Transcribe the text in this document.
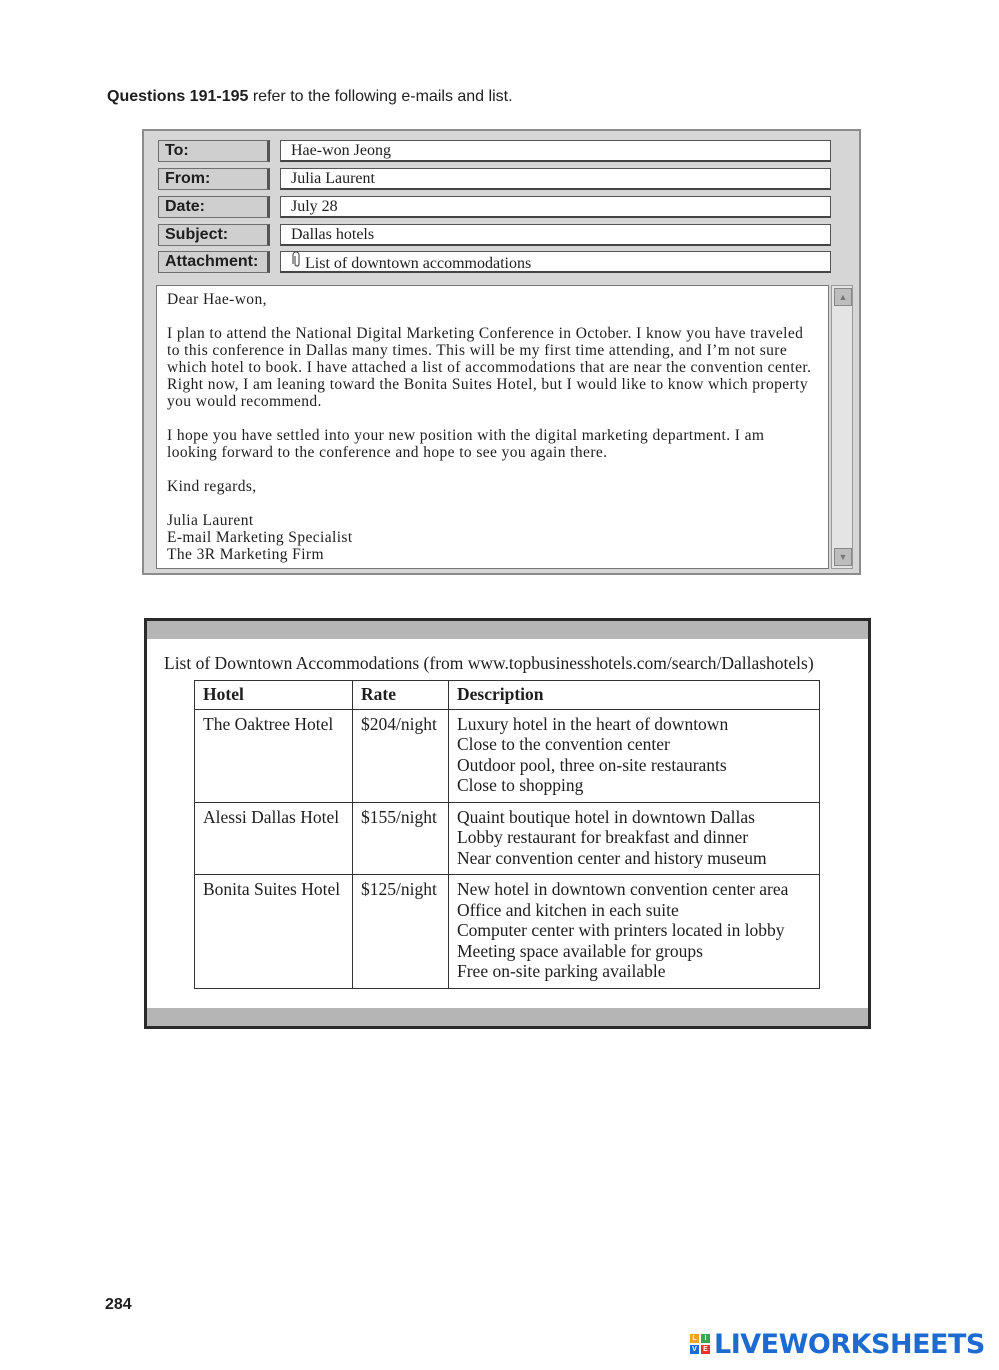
Questions 191-195 refer to the following e-mails and list.
To:	Hae-won Jeong
From:	Julia Laurent
Date:	July 28
Subject:	Dallas hotels
Attachment:	List of downtown accommodations

Dear Hae-won,

I plan to attend the National Digital Marketing Conference in October. I know you have traveled to this conference in Dallas many times. This will be my first time attending, and I’m not sure which hotel to book. I have attached a list of accommodations that are near the convention center. Right now, I am leaning toward the Bonita Suites Hotel, but I would like to know which property you would recommend.

I hope you have settled into your new position with the digital marketing department. I am looking forward to the conference and hope to see you again there.

Kind regards,

Julia Laurent
E-mail Marketing Specialist
The 3R Marketing Firm
▲
▼
List of Downtown Accommodations (from www.topbusinesshotels.com/search/Dallashotels)
Hotel	Rate	Description
The Oaktree Hotel	$204/night	Luxury hotel in the heart of downtown
Close to the convention center
Outdoor pool, three on-site restaurants
Close to shopping

Alessi Dallas Hotel	$155/night	Quaint boutique hotel in downtown Dallas
Lobby restaurant for breakfast and dinner
Near convention center and history museum

Bonita Suites Hotel	$125/night	New hotel in downtown convention center area
Office and kitchen in each suite
Computer center with printers located in lobby
Meeting space available for groups
Free on-site parking available
284
L	I
V E LIVEWORKSHEETS
